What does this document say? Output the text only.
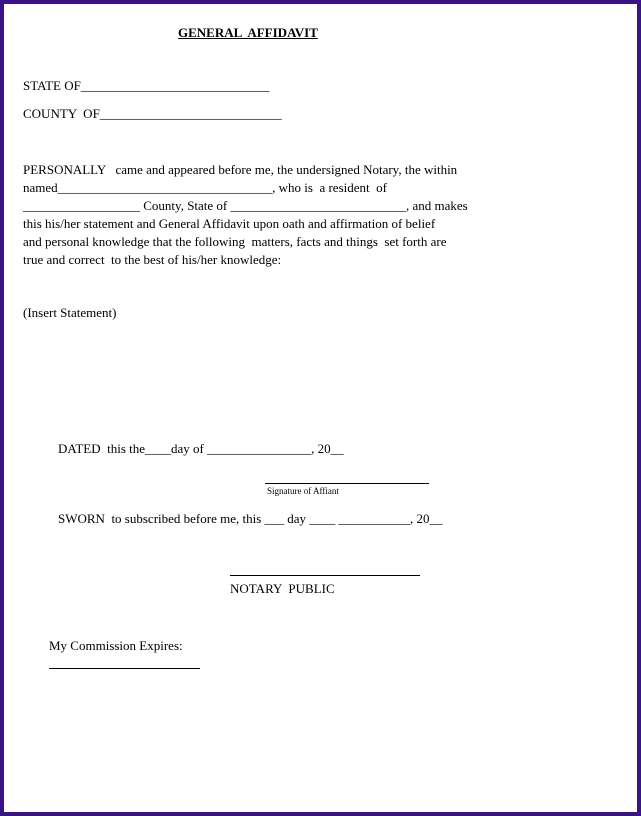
GENERAL  AFFIDAVIT
STATE OF_____________________________
COUNTY  OF____________________________
PERSONALLY   came and appeared before me, the undersigned Notary, the within
named_________________________________, who is  a resident  of
__________________ County, State of ___________________________, and makes
this his/her statement and General Affidavit upon oath and affirmation of belief
and personal knowledge that the following  matters, facts and things  set forth are
true and correct  to the best of his/her knowledge:
(Insert Statement)
DATED  this the____day of ________________, 20__
Signature of Affiant
SWORN  to subscribed before me, this ___ day ____ ___________, 20__
NOTARY  PUBLIC
My Commission Expires:
